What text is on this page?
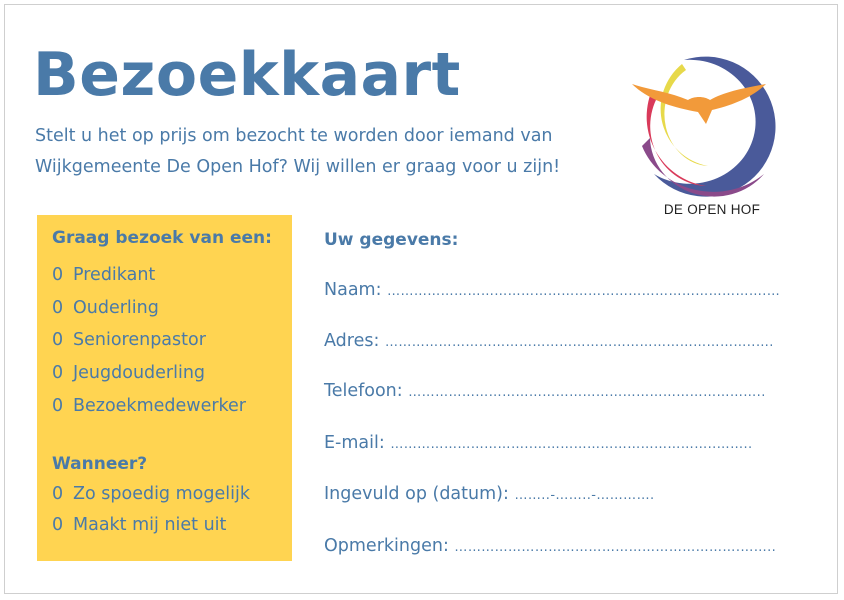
Bezoekkaart
Stelt u het op prijs om bezocht te worden door iemand van
Wijkgemeente De Open Hof? Wij willen er graag voor u zijn!
DE OPEN HOF
Graag bezoek van een:
0 Predikant
0 Ouderling
0 Seniorenpastor
0 Jeugdouderling
0 Bezoekmedewerker
Wanneer?
0 Zo spoedig mogelijk
0 Maakt mij niet uit
Uw gegevens:
Naam: ………………………………………………………………………….…
Adres: ………………………………………………………………………..….
Telefoon: ……………………………………………………………………..
E-mail: …………………………..…………………………………..……..
Ingevuld op (datum): ……..-……..-………….
Opmerkingen: ……………………………………………………….……..
